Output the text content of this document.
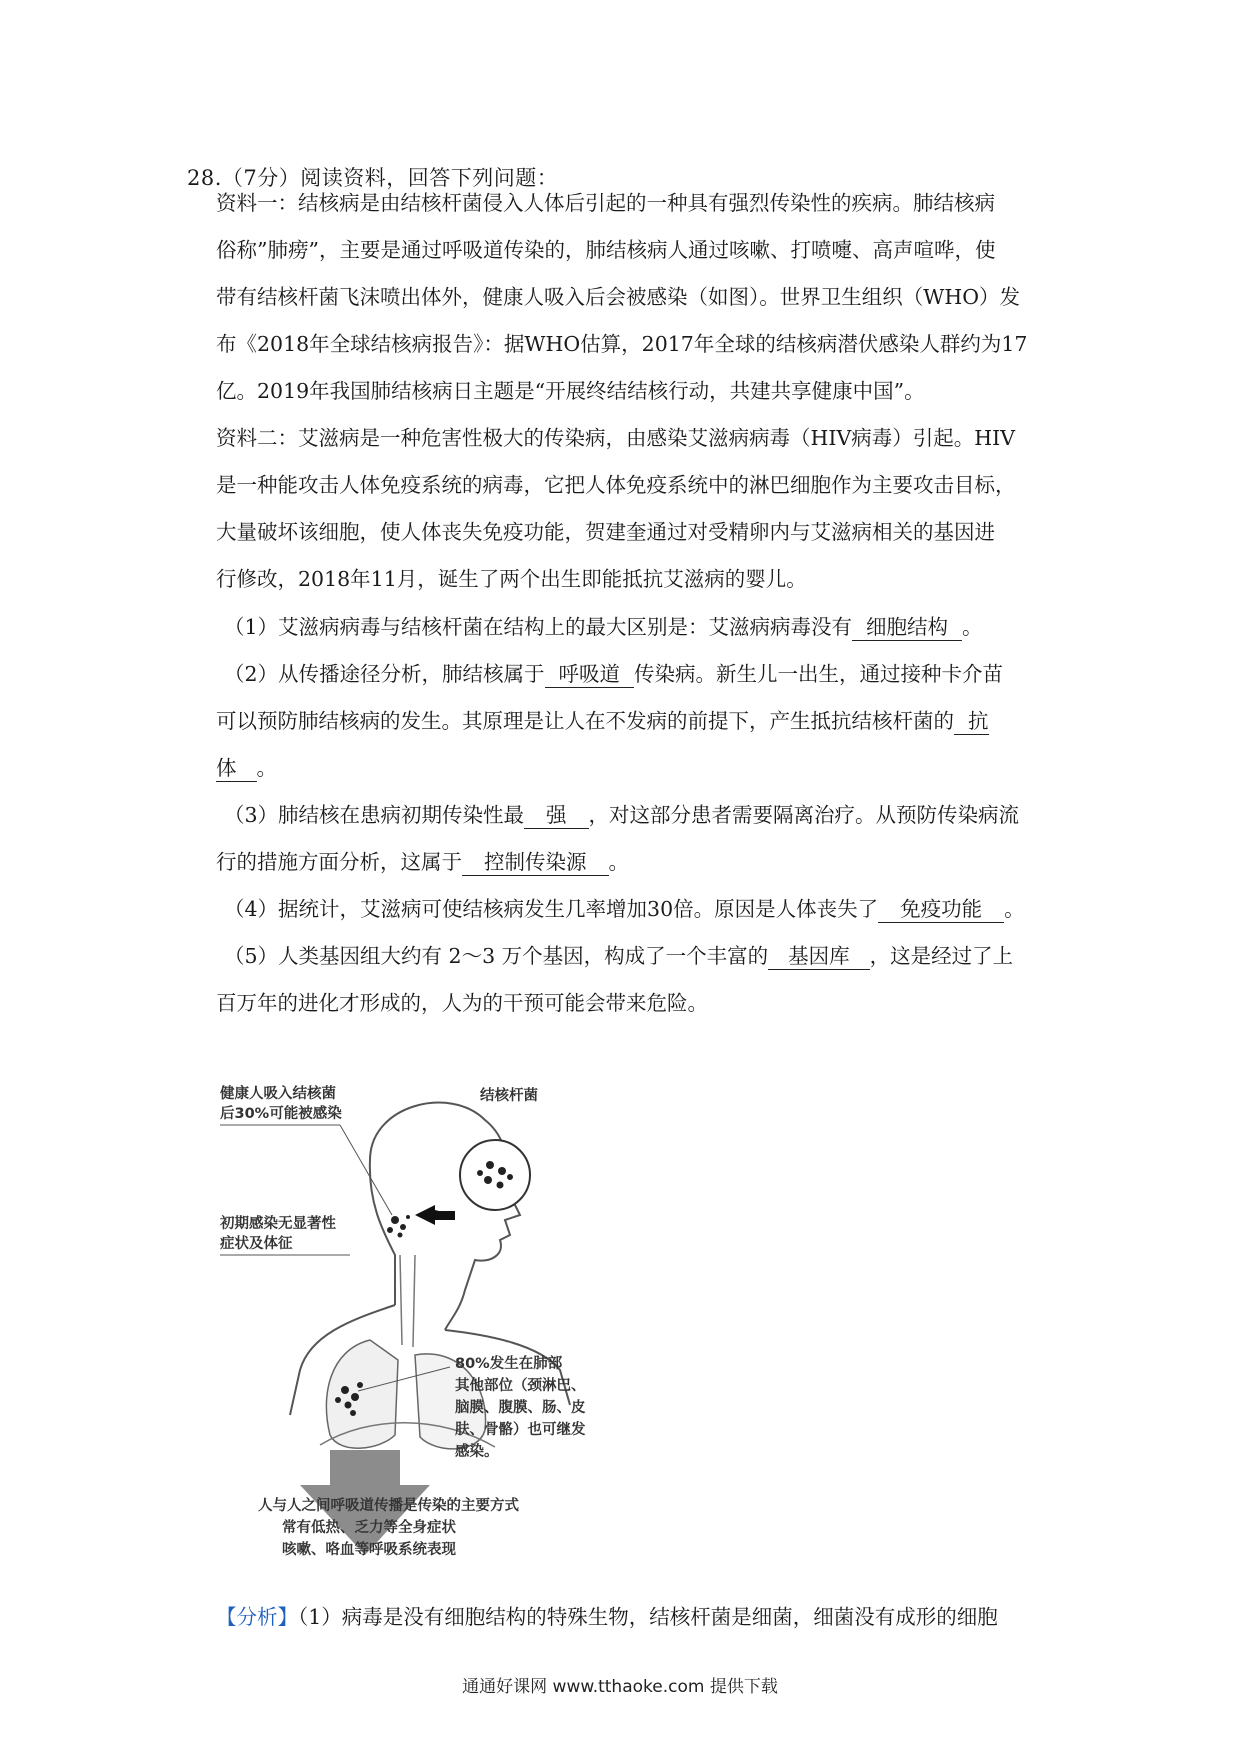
28.（7分）阅读资料，回答下列问题：
资料一：结核病是由结核杆菌侵入人体后引起的一种具有强烈传染性的疾病。肺结核病
俗称”肺痨”，主要是通过呼吸道传染的，肺结核病人通过咳嗽、打喷嚏、高声喧哗，使
带有结核杆菌飞沫喷出体外，健康人吸入后会被感染（如图）。世界卫生组织（WHO）发
布《2018年全球结核病报告》：据WHO估算，2017年全球的结核病潜伏感染人群约为17
亿。2019年我国肺结核病日主题是“开展终结结核行动，共建共享健康中国”。
资料二：艾滋病是一种危害性极大的传染病，由感染艾滋病病毒（HIV病毒）引起。HIV
是一种能攻击人体免疫系统的病毒，它把人体免疫系统中的淋巴细胞作为主要攻击目标，
大量破坏该细胞，使人体丧失免疫功能，贺建奎通过对受精卵内与艾滋病相关的基因进
行修改，2018年11月，诞生了两个出生即能抵抗艾滋病的婴儿。
（1）艾滋病病毒与结核杆菌在结构上的最大区别是：艾滋病病毒没有 细胞结构 。
（2）从传播途径分析，肺结核属于 呼吸道 传染病。新生儿一出生，通过接种卡介苗
可以预防肺结核病的发生。其原理是让人在不发病的前提下，产生抵抗结核杆菌的 抗
体 。
（3）肺结核在患病初期传染性最 强 ，对这部分患者需要隔离治疗。从预防传染病流
行的措施方面分析，这属于 控制传染源 。
（4）据统计，艾滋病可使结核病发生几率增加30倍。原因是人体丧失了 免疫功能 。
（5）人类基因组大约有 2～3 万个基因，构成了一个丰富的 基因库 ，这是经过了上
百万年的进化才形成的，人为的干预可能会带来危险。
结核杆菌
健康人吸入结核菌
后30%可能被感染
初期感染无显著性
症状及体征
80%发生在肺部
其他部位（颈淋巴、
脑膜、腹膜、肠、皮
肤、骨骼）也可继发
感染。
人与人之间呼吸道传播是传染的主要方式
常有低热、乏力等全身症状
咳嗽、咯血等呼吸系统表现
【分析】（1）病毒是没有细胞结构的特殊生物，结核杆菌是细菌，细菌没有成形的细胞
通通好课网 www.tthaoke.com 提供下载
